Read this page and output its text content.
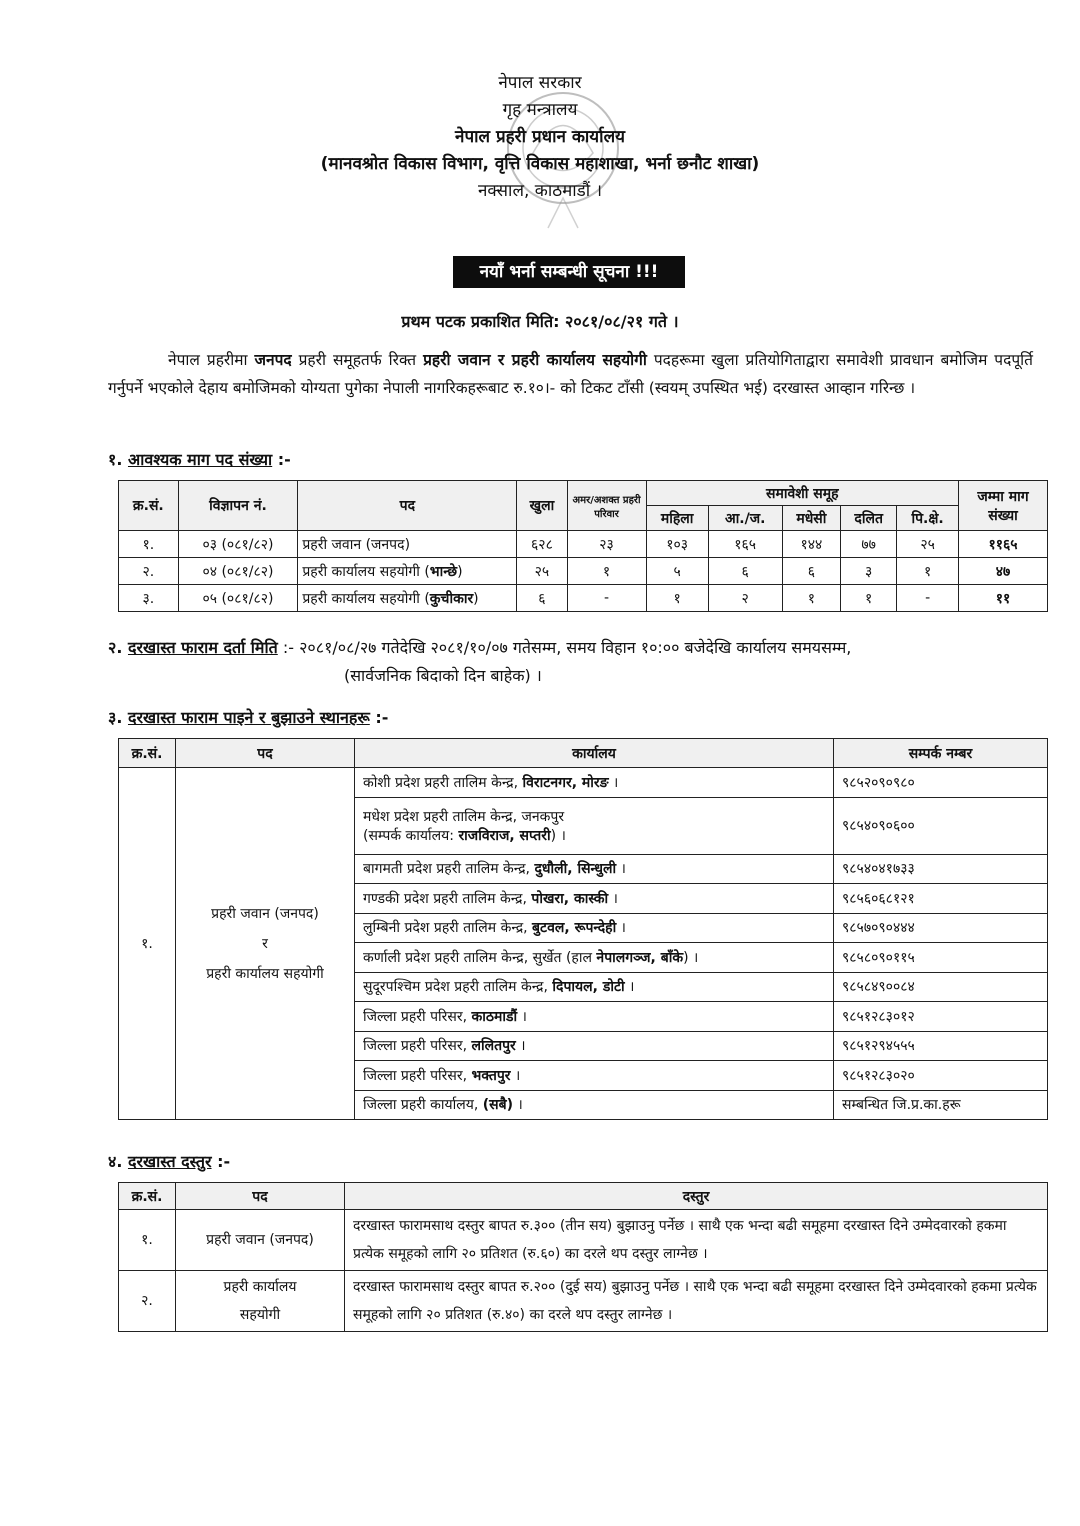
नेपाल सरकार
गृह मन्त्रालय
नेपाल प्रहरी प्रधान कार्यालय
(मानवश्रोत विकास विभाग, वृत्ति विकास महाशाखा, भर्ना छनौट शाखा)
नक्साल, काठमाडौं ।
नयाँ भर्ना सम्बन्धी सूचना !!!
प्रथम पटक प्रकाशित मिति: २०८१/०८/२१ गते ।
नेपाल प्रहरीमा जनपद प्रहरी समूहतर्फ रिक्त प्रहरी जवान र प्रहरी कार्यालय सहयोगी पदहरूमा खुला प्रतियोगिताद्वारा समावेशी प्रावधान बमोजिम पदपूर्ति गर्नुपर्ने भएकोले देहाय बमोजिमको योग्यता पुगेका नेपाली नागरिकहरूबाट रु.१०।- को टिकट टाँसी (स्वयम् उपस्थित भई) दरखास्त आव्हान गरिन्छ ।
१. आवश्यक माग पद संख्या :-
क्र.सं.	विज्ञापन नं.	पद	खुला	अमर/अशक्त प्रहरी परिवार	समावेशी समूह					जम्मा माग संख्या
					महिला	आ./ज.	मधेसी	दलित	पि.क्षे.	
१.	०३ (०८१/८२)	प्रहरी जवान (जनपद)	६२८	२३	१०३	१६५	१४४	७७	२५	११६५
२.	०४ (०८१/८२)	प्रहरी कार्यालय सहयोगी (भान्छे)	२५	१	५	६	६	३	१	४७
३.	०५ (०८१/८२)	प्रहरी कार्यालय सहयोगी (कुचीकार)	६	-	१	२	१	१	-	११
२. दरखास्त फाराम दर्ता मिति :- २०८१/०८/२७ गतेदेखि २०८१/१०/०७ गतेसम्म, समय विहान १०:०० बजेदेखि कार्यालय समयसम्म,
(सार्वजनिक बिदाको दिन बाहेक) ।
३. दरखास्त फाराम पाइने र बुझाउने स्थानहरू :-
क्र.सं.	पद	कार्यालय	सम्पर्क नम्बर
१.	प्रहरी जवान (जनपद)
र
प्रहरी कार्यालय सहयोगी	कोशी प्रदेश प्रहरी तालिम केन्द्र, विराटनगर, मोरङ ।	९८५२०९०९८०

		मधेश प्रदेश प्रहरी तालिम केन्द्र, जनकपुर
(सम्पर्क कार्यालय: राजविराज, सप्तरी) ।	९८५४०९०६००
		बागमती प्रदेश प्रहरी तालिम केन्द्र, दुधौली, सिन्धुली ।	९८५४०४१७३३
		गण्डकी प्रदेश प्रहरी तालिम केन्द्र, पोखरा, कास्की ।	९८५६०६८१२१
		लुम्बिनी प्रदेश प्रहरी तालिम केन्द्र, बुटवल, रूपन्देही ।	९८५७०९०४४४
		कर्णाली प्रदेश प्रहरी तालिम केन्द्र, सुर्खेत (हाल नेपालगञ्ज, बाँके) ।	९८५८०९०११५
		सुदूरपश्चिम प्रदेश प्रहरी तालिम केन्द्र, दिपायल, डोटी ।	९८५८४९००८४
		जिल्ला प्रहरी परिसर, काठमाडौं ।	९८५१२८३०१२
		जिल्ला प्रहरी परिसर, ललितपुर ।	९८५१२९४५५५
		जिल्ला प्रहरी परिसर, भक्तपुर ।	९८५१२८३०२०
		जिल्ला प्रहरी कार्यालय, (सबै) ।	सम्बन्धित जि.प्र.का.हरू
४. दरखास्त दस्तुर :-
क्र.सं.	पद	दस्तुर
१.	प्रहरी जवान (जनपद)	दरखास्त फारामसाथ दस्तुर बापत रु.३०० (तीन सय) बुझाउनु पर्नेछ । साथै एक भन्दा बढी समूहमा दरखास्त दिने उम्मेदवारको हकमा प्रत्येक समूहको लागि २० प्रतिशत (रु.६०) का दरले थप दस्तुर लाग्नेछ ।
२.	प्रहरी कार्यालय
सहयोगी	दरखास्त फारामसाथ दस्तुर बापत रु.२०० (दुई सय) बुझाउनु पर्नेछ । साथै एक भन्दा बढी समूहमा दरखास्त दिने उम्मेदवारको हकमा प्रत्येक समूहको लागि २० प्रतिशत (रु.४०) का दरले थप दस्तुर लाग्नेछ ।
